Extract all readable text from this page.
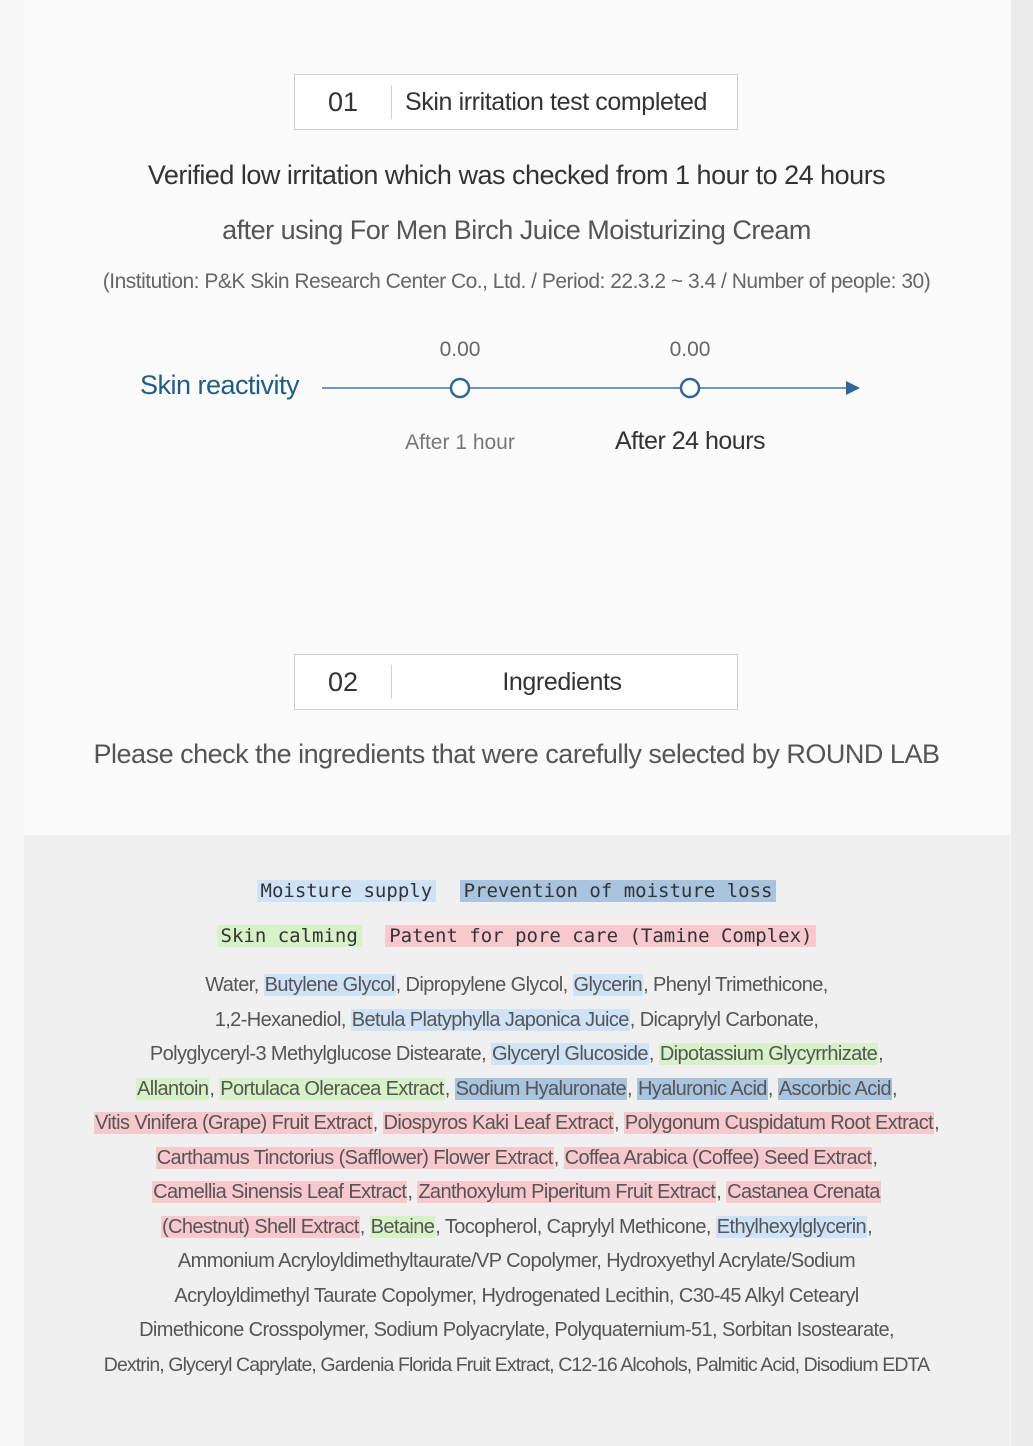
01	Skin irritation test completed
Verified low irritation which was checked from 1 hour to 24 hours
after using For Men Birch Juice Moisturizing Cream
(Institution: P&K Skin Research Center Co., Ltd. / Period: 22.3.2 ~ 3.4 / Number of people: 30)
Skin reactivity
0.00	0.00
After 1 hour	After 24 hours
02	Ingredients
Please check the ingredients that were carefully selected by ROUND LAB
Moisture supply Prevention of moisture loss
Skin calming Patent for pore care (Tamine Complex)
Water, Butylene Glycol, Dipropylene Glycol, Glycerin, Phenyl Trimethicone,
1,2-Hexanediol, Betula Platyphylla Japonica Juice, Dicaprylyl Carbonate,
Polyglyceryl-3 Methylglucose Distearate, Glyceryl Glucoside, Dipotassium Glycyrrhizate,
Allantoin, Portulaca Oleracea Extract, Sodium Hyaluronate, Hyaluronic Acid, Ascorbic Acid,
Vitis Vinifera (Grape) Fruit Extract, Diospyros Kaki Leaf Extract, Polygonum Cuspidatum Root Extract,
Carthamus Tinctorius (Safflower) Flower Extract, Coffea Arabica (Coffee) Seed Extract,
Camellia Sinensis Leaf Extract, Zanthoxylum Piperitum Fruit Extract, Castanea Crenata
(Chestnut) Shell Extract, Betaine, Tocopherol, Caprylyl Methicone, Ethylhexylglycerin,
Ammonium Acryloyldimethyltaurate/VP Copolymer, Hydroxyethyl Acrylate/Sodium
Acryloyldimethyl Taurate Copolymer, Hydrogenated Lecithin, C30-45 Alkyl Cetearyl
Dimethicone Crosspolymer, Sodium Polyacrylate, Polyquaternium-51, Sorbitan Isostearate,
Dextrin, Glyceryl Caprylate, Gardenia Florida Fruit Extract, C12-16 Alcohols, Palmitic Acid, Disodium EDTA
